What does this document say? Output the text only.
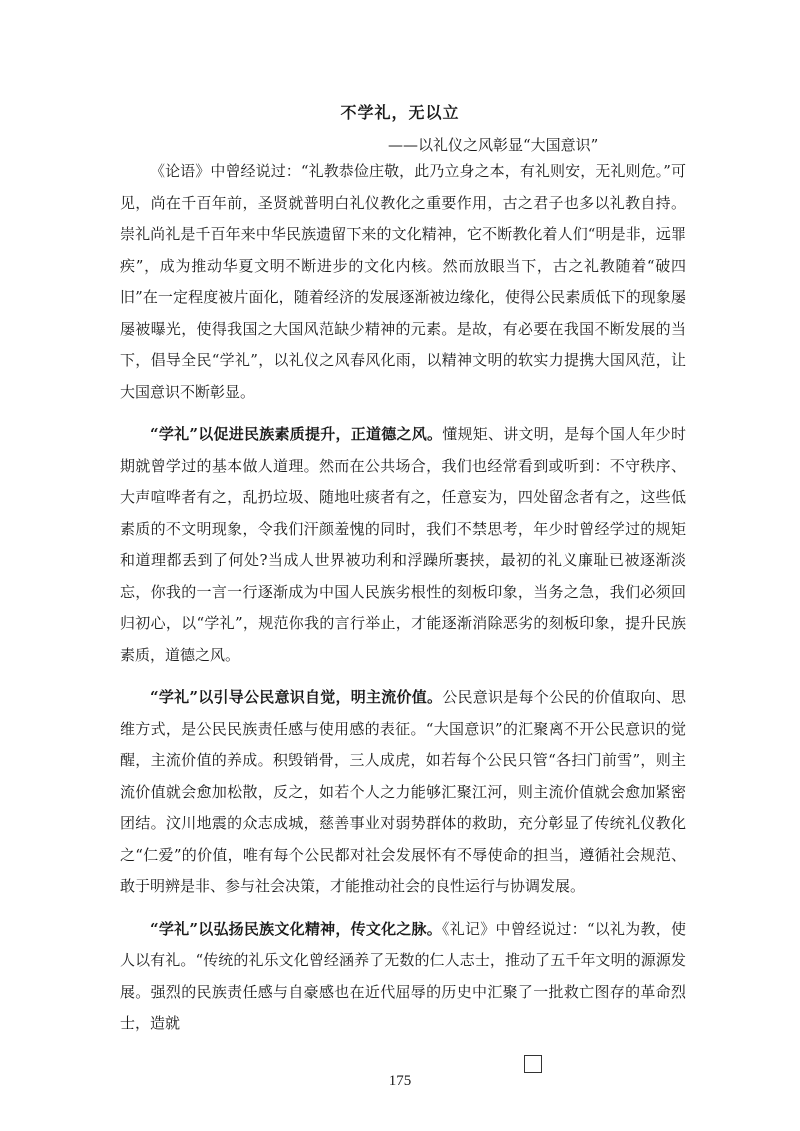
不学礼，无以立
——以礼仪之风彰显“大国意识”

《论语》中曾经说过：“礼教恭俭庄敬，此乃立身之本，有礼则安，无礼则危。”可见，尚在千百年前，圣贤就普明白礼仪教化之重要作用，古之君子也多以礼教自持。崇礼尚礼是千百年来中华民族遗留下来的文化精神，它不断教化着人们“明是非，远罪疾”，成为推动华夏文明不断进步的文化内核。然而放眼当下，古之礼教随着“破四旧”在一定程度被片面化，随着经济的发展逐渐被边缘化，使得公民素质低下的现象屡屡被曝光，使得我国之大国风范缺少精神的元素。是故，有必要在我国不断发展的当下，倡导全民“学礼”，以礼仪之风春风化雨，以精神文明的软实力提携大国风范，让大国意识不断彰显。

“学礼”以促进民族素质提升，正道德之风。懂规矩、讲文明，是每个国人年少时期就曾学过的基本做人道理。然而在公共场合，我们也经常看到或听到：不守秩序、大声喧哗者有之，乱扔垃圾、随地吐痰者有之，任意妄为，四处留念者有之，这些低素质的不文明现象，令我们汗颜羞愧的同时，我们不禁思考，年少时曾经学过的规矩和道理都丢到了何处?当成人世界被功利和浮躁所裹挟，最初的礼义廉耻已被逐渐淡忘，你我的一言一行逐渐成为中国人民族劣根性的刻板印象，当务之急，我们必须回归初心，以“学礼”，规范你我的言行举止，才能逐渐消除恶劣的刻板印象，提升民族素质，道德之风。

“学礼”以引导公民意识自觉，明主流价值。公民意识是每个公民的价值取向、思维方式，是公民民族责任感与使用感的表征。“大国意识”的汇聚离不开公民意识的觉醒，主流价值的养成。积毁销骨，三人成虎，如若每个公民只管“各扫门前雪”，则主流价值就会愈加松散，反之，如若个人之力能够汇聚江河，则主流价值就会愈加紧密团结。汶川地震的众志成城，慈善事业对弱势群体的救助，充分彰显了传统礼仪教化之“仁爱”的价值，唯有每个公民都对社会发展怀有不辱使命的担当，遵循社会规范、敢于明辨是非、参与社会决策，才能推动社会的良性运行与协调发展。

“学礼”以弘扬民族文化精神，传文化之脉。《礼记》中曾经说过：“以礼为教，使人以有礼。“传统的礼乐文化曾经涵养了无数的仁人志士，推动了五千年文明的源源发展。强烈的民族责任感与自豪感也在近代屈辱的历史中汇聚了一批救亡图存的革命烈士，造就

175
